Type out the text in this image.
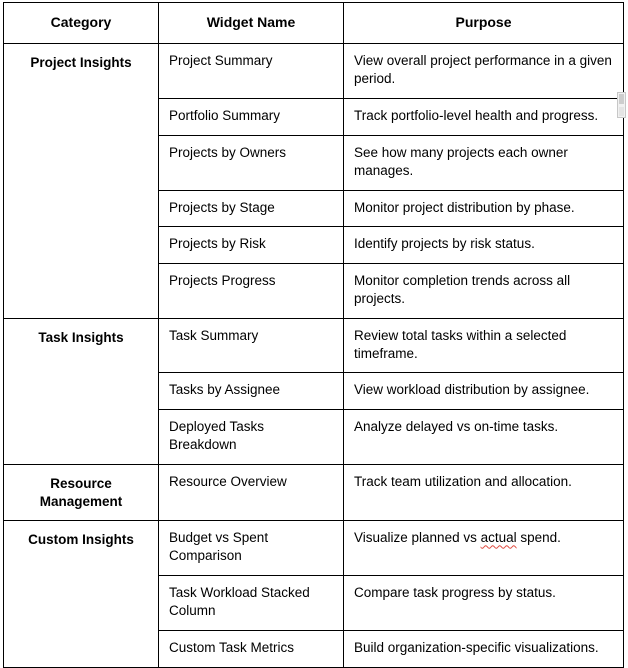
Category	Widget Name	Purpose
Project Insights	Project Summary	View overall project performance in a given period.
	Portfolio Summary	Track portfolio-level health and progress.
	Projects by Owners	See how many projects each owner manages.
	Projects by Stage	Monitor project distribution by phase.
	Projects by Risk	Identify projects by risk status.
	Projects Progress	Monitor completion trends across all projects.
Task Insights	Task Summary	Review total tasks within a selected timeframe.
	Tasks by Assignee	View workload distribution by assignee.
	Deployed Tasks Breakdown	Analyze delayed vs on-time tasks.
Resource Management	Resource Overview	Track team utilization and allocation.
Custom Insights	Budget vs Spent Comparison	Visualize planned vs actual spend.
	Task Workload Stacked Column	Compare task progress by status.
	Custom Task Metrics	Build organization-specific visualizations.
